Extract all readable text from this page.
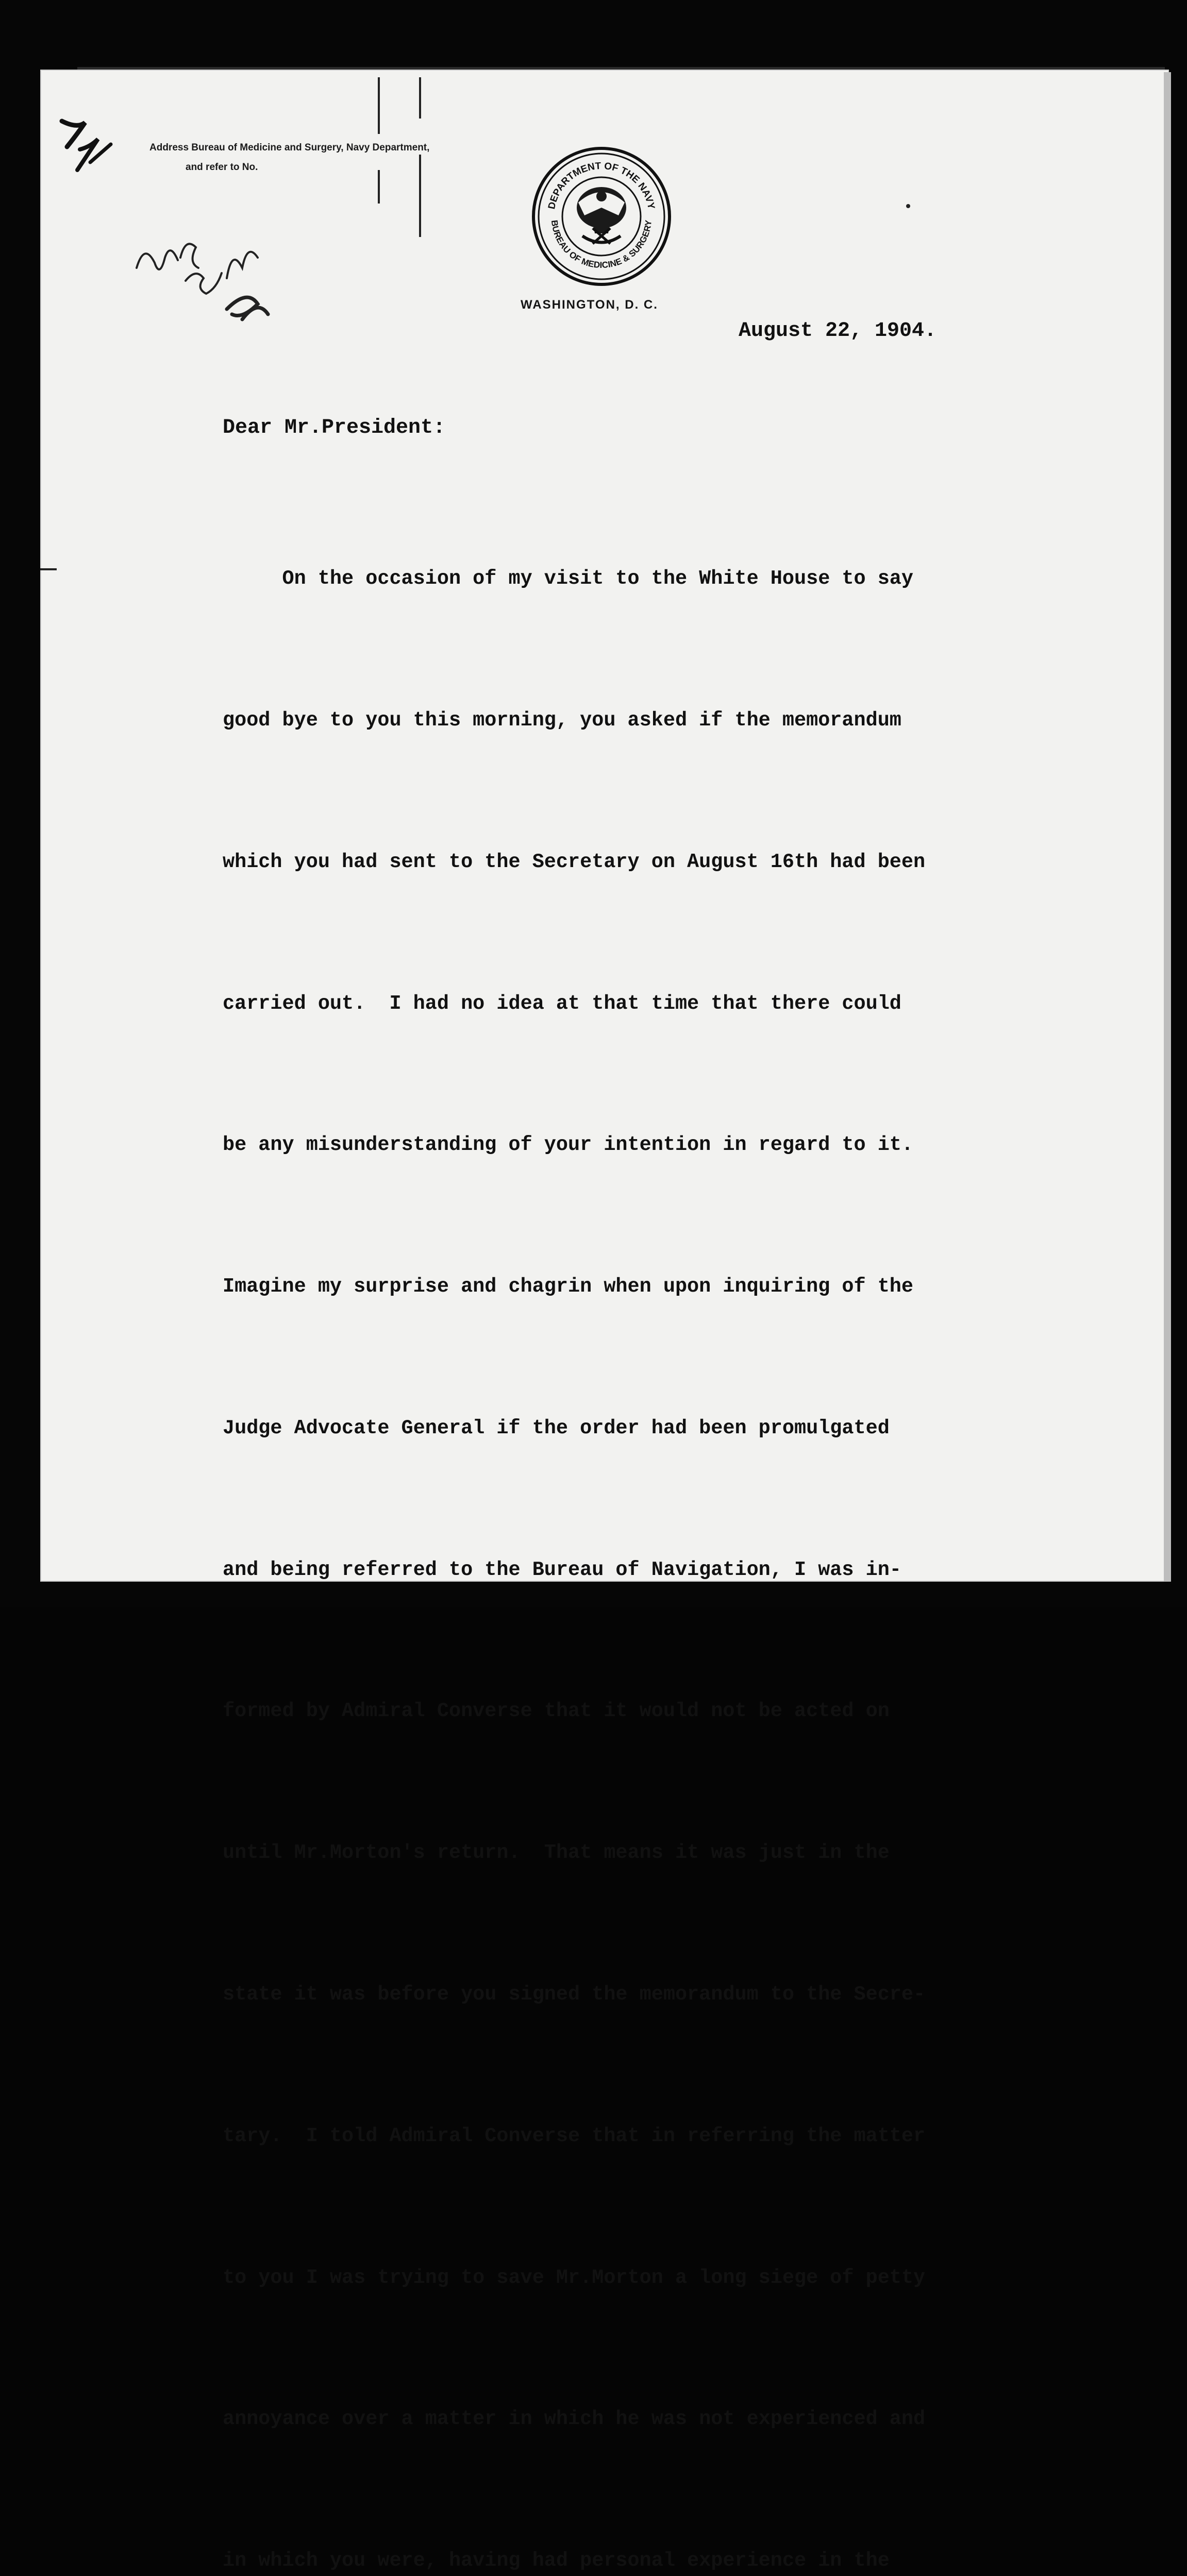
Address Bureau of Medicine and Surgery, Navy Department,
and refer to No.
DEPARTMENT OF THE NAVY
BUREAU OF MEDICINE & SURGERY
WASHINGTON, D. C.
August 22, 1904.
Dear Mr.President:

On the occasion of my visit to the White House to say

good bye to you this morning, you asked if the memorandum

which you had sent to the Secretary on August 16th had been

carried out.  I had no idea at that time that there could

be any misunderstanding of your intention in regard to it.

Imagine my surprise and chagrin when upon inquiring of the

Judge Advocate General if the order had been promulgated

and being referred to the Bureau of Navigation, I was in-

formed by Admiral Converse that it would not be acted on

until Mr.Morton's return.  That means it was just in the

state it was before you signed the memorandum to the Secre-

tary.  I told Admiral Converse that in referring the matter

to you I was trying to save Mr.Morton a long siege of petty

annoyance over a matter in which he was not experienced and

in which you were, having had personal experience in the
